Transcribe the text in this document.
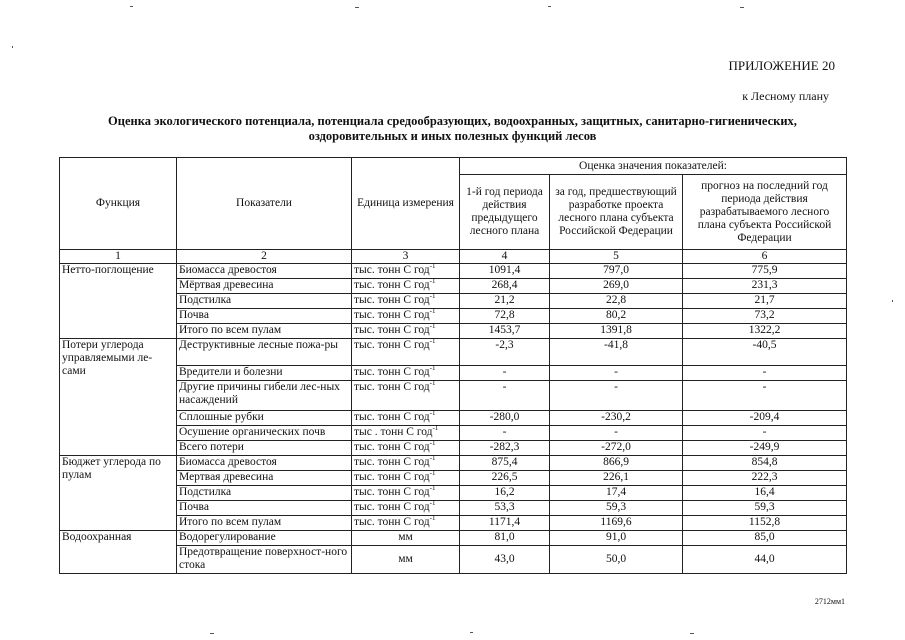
ПРИЛОЖЕНИЕ 20
к Лесному плану
Оценка экологического потенциала, потенциала средообразующих, водоохранных, защитных, санитарно-гигиенических,
оздоровительных и иных полезных функций лесов
Функция	Показатели	Единица измерения	Оценка значения показателей:		
			1-й год периода действия предыдущего лесного плана	за год, предшествующий разработке проекта лесного плана субъекта Российской Федерации	прогноз на последний год периода действия разрабатываемого лесного плана субъекта Российской Федерации
1	2	3	4	5	6
Нетто-поглощение	Биомасса древостоя	тыс. тонн С год$^{-1}$	1091,4	797,0	775,9
	Мёртвая древесина	тыс. тонн С год$^{-1}$	268,4	269,0	231,3
	Подстилка	тыс. тонн С год$^{-1}$	21,2	22,8	21,7
	Почва	тыс. тонн С год$^{-1}$	72,8	80,2	73,2
	Итого по всем пулам	тыс. тонн С год$^{-1}$	1453,7	1391,8	1322,2
Потери углерода управляемыми ле-сами	Деструктивные лесные пожа-ры	тыс. тонн С год$^{-1}$	-2,3	-41,8	-40,5
	Вредители и болезни	тыс. тонн С год$^{-1}$	-	-	-
	Другие причины гибели лес-ных насаждений	тыс. тонн С год$^{-1}$	-	-	-
	Сплошные рубки	тыс. тонн С год$^{-1}$	-280,0	-230,2	-209,4
	Осушение органических почв	тыс . тонн С год$^{-1}$	-	-	-
	Всего потери	тыс. тонн С год$^{-1}$	-282,3	-272,0	-249,9
Бюджет углерода по пулам	Биомасса древостоя	тыс. тонн С год$^{-1}$	875,4	866,9	854,8
	Мертвая древесина	тыс. тонн С год$^{-1}$	226,5	226,1	222,3
	Подстилка	тыс. тонн С год$^{-1}$	16,2	17,4	16,4
	Почва	тыс. тонн С год$^{-1}$	53,3	59,3	59,3
	Итого по всем пулам	тыс. тонн С год$^{-1}$	1171,4	1169,6	1152,8
Водоохранная	Водорегулирование	мм	81,0	91,0	85,0
	Предотвращение поверхност-ного стока	мм	43,0	50,0	44,0
2712мм1
